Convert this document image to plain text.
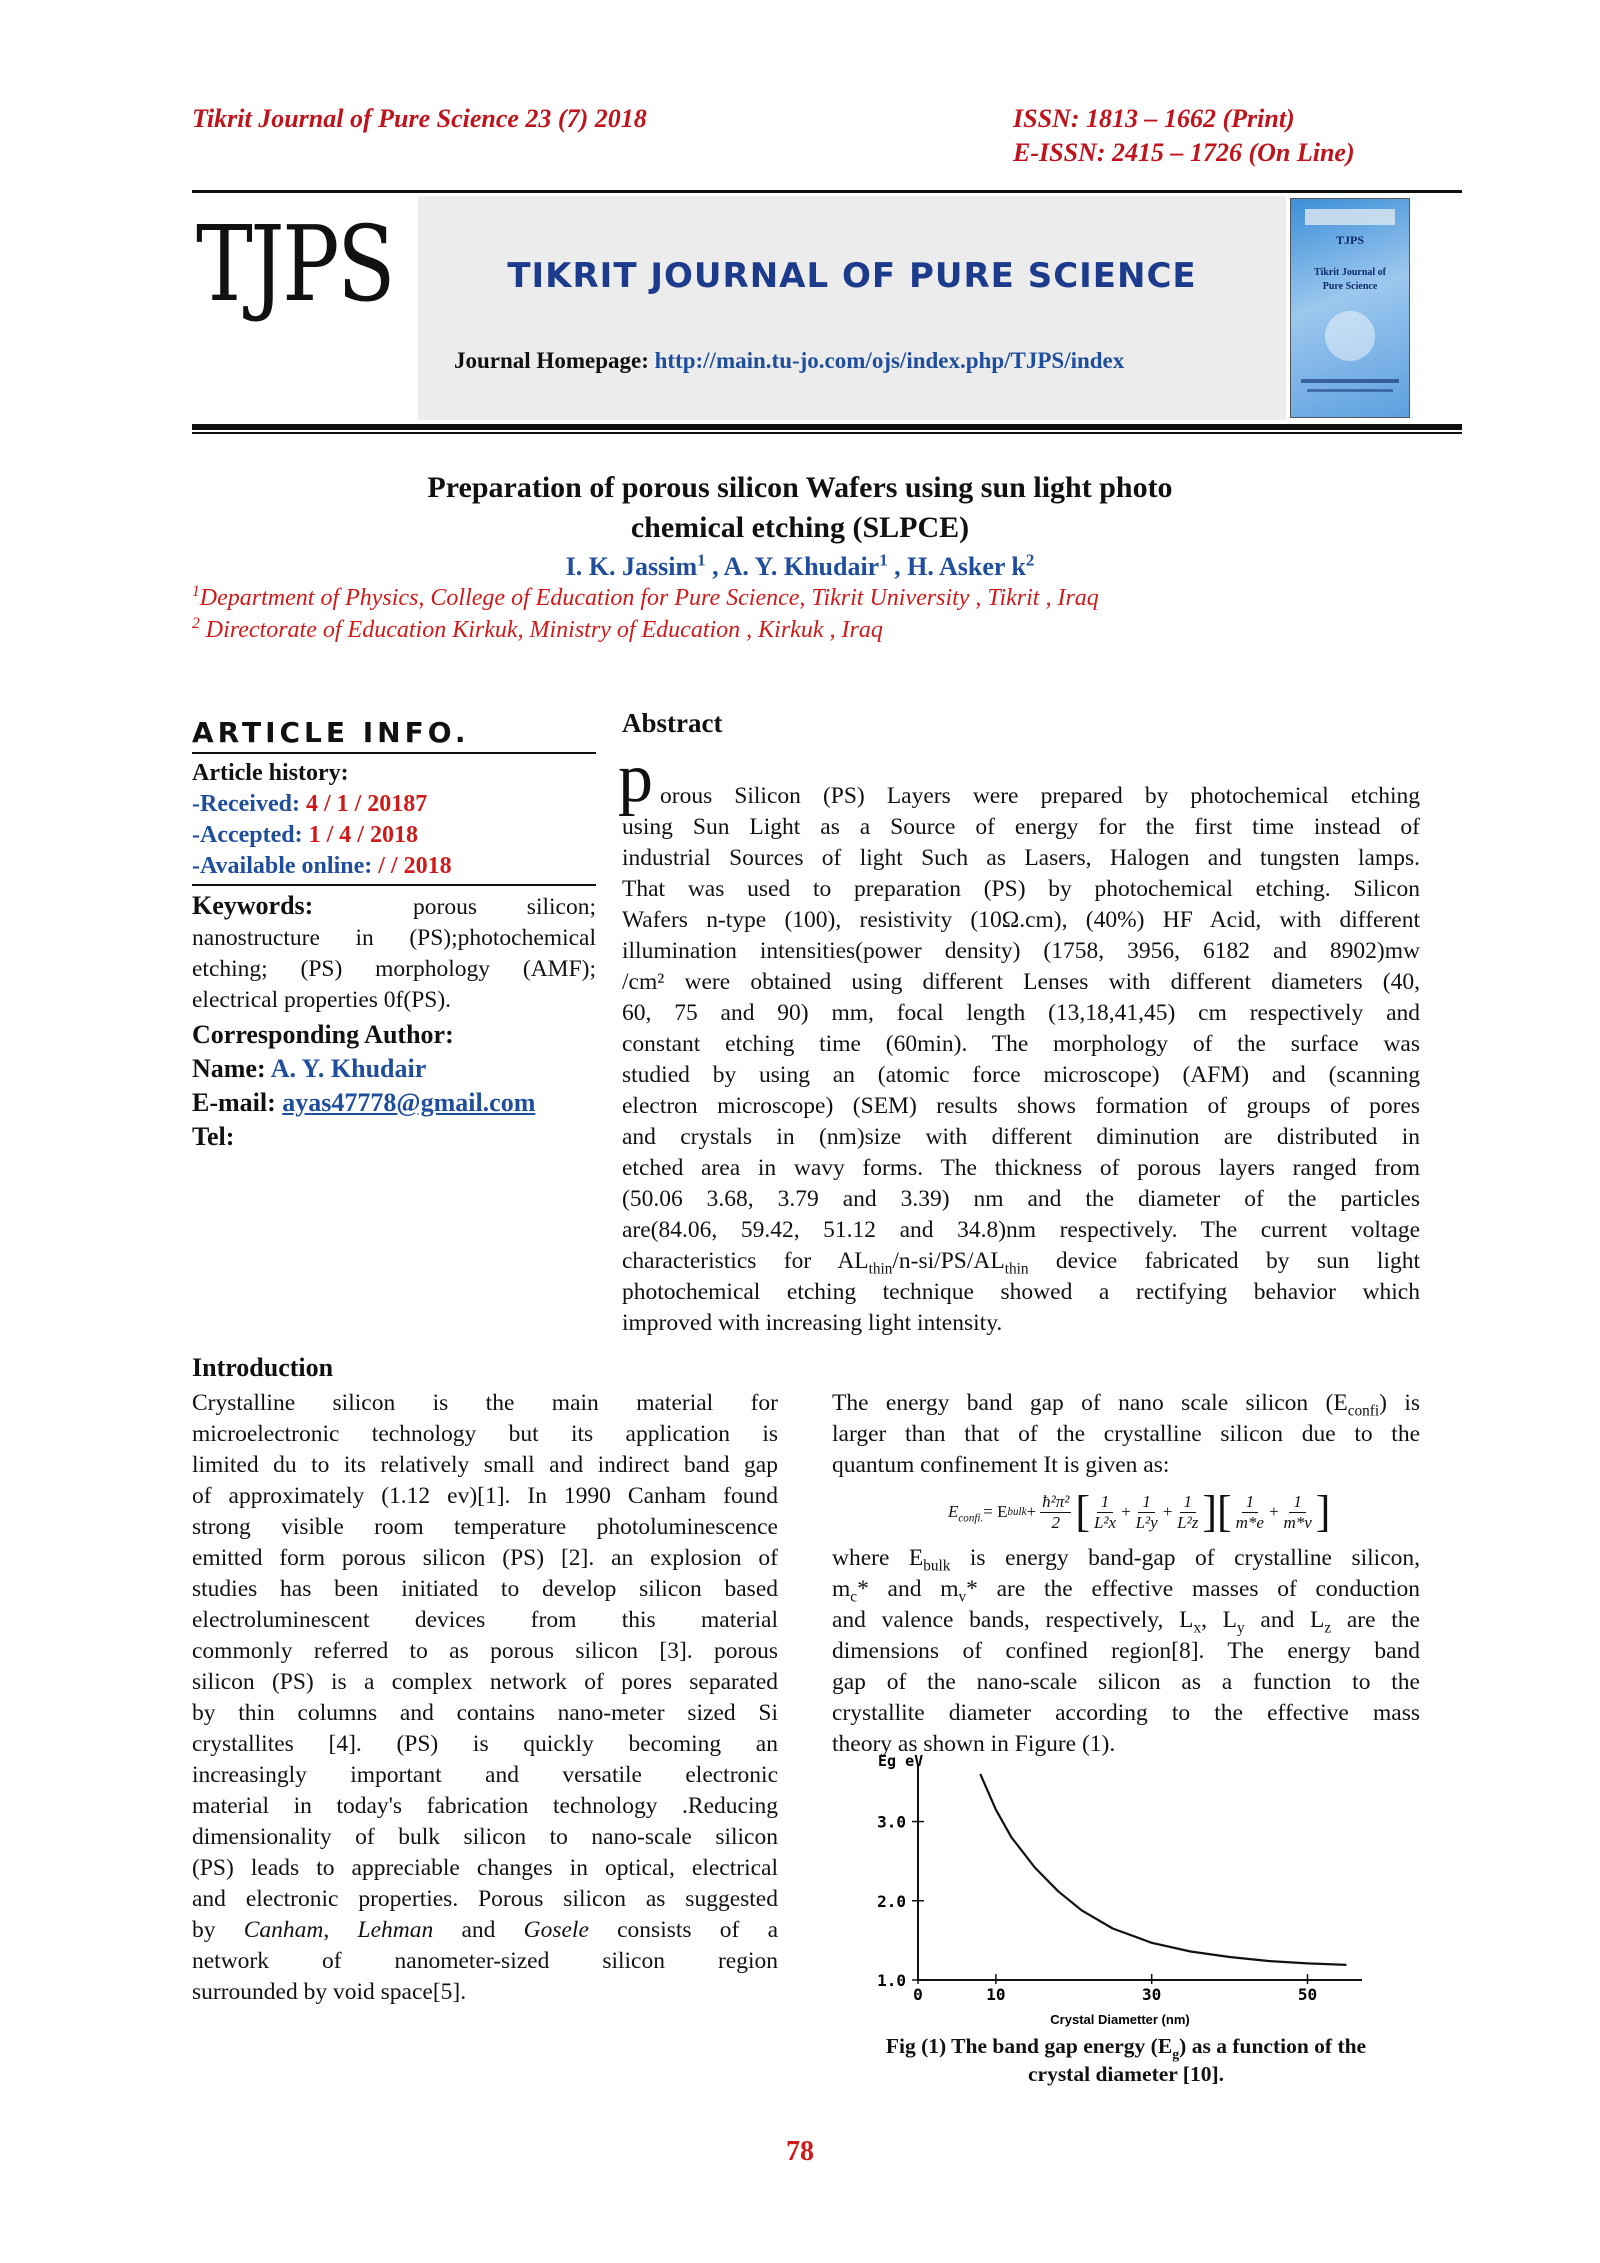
Tikrit Journal of Pure Science 23 (7) 2018	ISSN: 1813 – 1662 (Print)
E-ISSN: 2415 – 1726 (On Line)
TJPS	TIKRIT JOURNAL OF PURE SCIENCE
Journal Homepage: http://main.tu-jo.com/ojs/index.php/TJPS/index
TJPS
Tikrit Journal of
Pure Science
Preparation of porous silicon Wafers using sun light photo
chemical etching (SLPCE)
I. K. Jassim$^1$ , A. Y. Khudair$^1$ , H. Asker $k^2$
$^1$Department of Physics, College of Education for Pure Science, Tikrit University , Tikrit , Iraq
$^2$ Directorate of Education Kirkuk, Ministry of Education , Kirkuk , Iraq
ARTICLE INFO.
Article history:
-Received: 4 / 1 / 20187
-Accepted: 1 / 4 / 2018
-Available online: / / 2018
Keywords:	porous silicon;
nanostructure in (PS);photochemical
etching; (PS) morphology (AMF);
electrical properties 0f(PS).
Corresponding Author:
Name: A. Y. Khudair
E-mail: ayas47778@gmail.com
Tel:
Abstract
p orous Silicon (PS) Layers were prepared by photochemical etching
using Sun Light as a Source of energy for the first time instead of
industrial Sources of light Such as Lasers, Halogen and tungsten lamps.
That was used to preparation (PS) by photochemical etching. Silicon
Wafers n-type (100), resistivity (10Ω.cm), (40%) HF Acid, with different
illumination intensities(power density) (1758, 3956, 6182 and 8902)mw
/cm² were obtained using different Lenses with different diameters (40,
60, 75 and 90) mm, focal length (13,18,41,45) cm respectively and
constant etching time (60min). The morphology of the surface was
studied by using an (atomic force microscope) (AFM) and (scanning
electron microscope) (SEM) results shows formation of groups of pores
and crystals in (nm)size with different diminution are distributed in
etched area in wavy forms. The thickness of porous layers ranged from
(50.06 3.68, 3.79 and 3.39) nm and the diameter of the particles
are(84.06, 59.42, 51.12 and 34.8)nm respectively. The current voltage
characteristics for $AL_{thin}/n-si/PS/AL_{thin}$ device fabricated by sun light
photochemical etching technique showed a rectifying behavior which
improved with increasing light intensity.
Introduction
Crystalline silicon is the main material for
microelectronic technology but its application is
limited du to its relatively small and indirect band gap
of approximately (1.12 ev)[1]. In 1990 Canham found
strong visible room temperature photoluminescence
emitted form porous silicon (PS) [2]. an explosion of
studies has been initiated to develop silicon based
electroluminescent devices from this material
commonly referred to as porous silicon [3]. porous
silicon (PS) is a complex network of pores separated
by thin columns and contains nano-meter sized Si
crystallites [4]. (PS) is quickly becoming an
increasingly important and versatile electronic
material in today's fabrication technology .Reducing
dimensionality of bulk silicon to nano-scale silicon
(PS) leads to appreciable changes in optical, electrical
and electronic properties. Porous silicon as suggested
by Canham, Lehman and Gosele consists of a
network of nanometer-sized silicon region
surrounded by void space[5].
The energy band gap of nano scale silicon $(E_{confi})$ is
larger than that of the crystalline silicon due to the
quantum confinement It is given as:
$E_{confi.} = E$ bulk + $\frac{\text{ħ²π²}}{2}$ [ 1
L²x
+
1
L²y
+
1
L²z ][ 1
m*e
+
1
m*v ]
where $E_{bulk}$ is energy band-gap of crystalline silicon,
$m_c*$ and $m_v*$ are the effective masses of conduction
and valence bands, respectively, $L_x$, $L_y$ and $L_z$ are the
dimensions of confined region[8]. The energy band
gap of the nano-scale silicon as a function to the
crystallite diameter according to the effective mass
theory as shown in Figure (1).
1.0
2.0
3.0
0	10	30	50
Eg eV
Crystal Diametter (nm)
Fig (1) The band gap energy $(E_g)$ as a function of the
crystal diameter [10].
78
